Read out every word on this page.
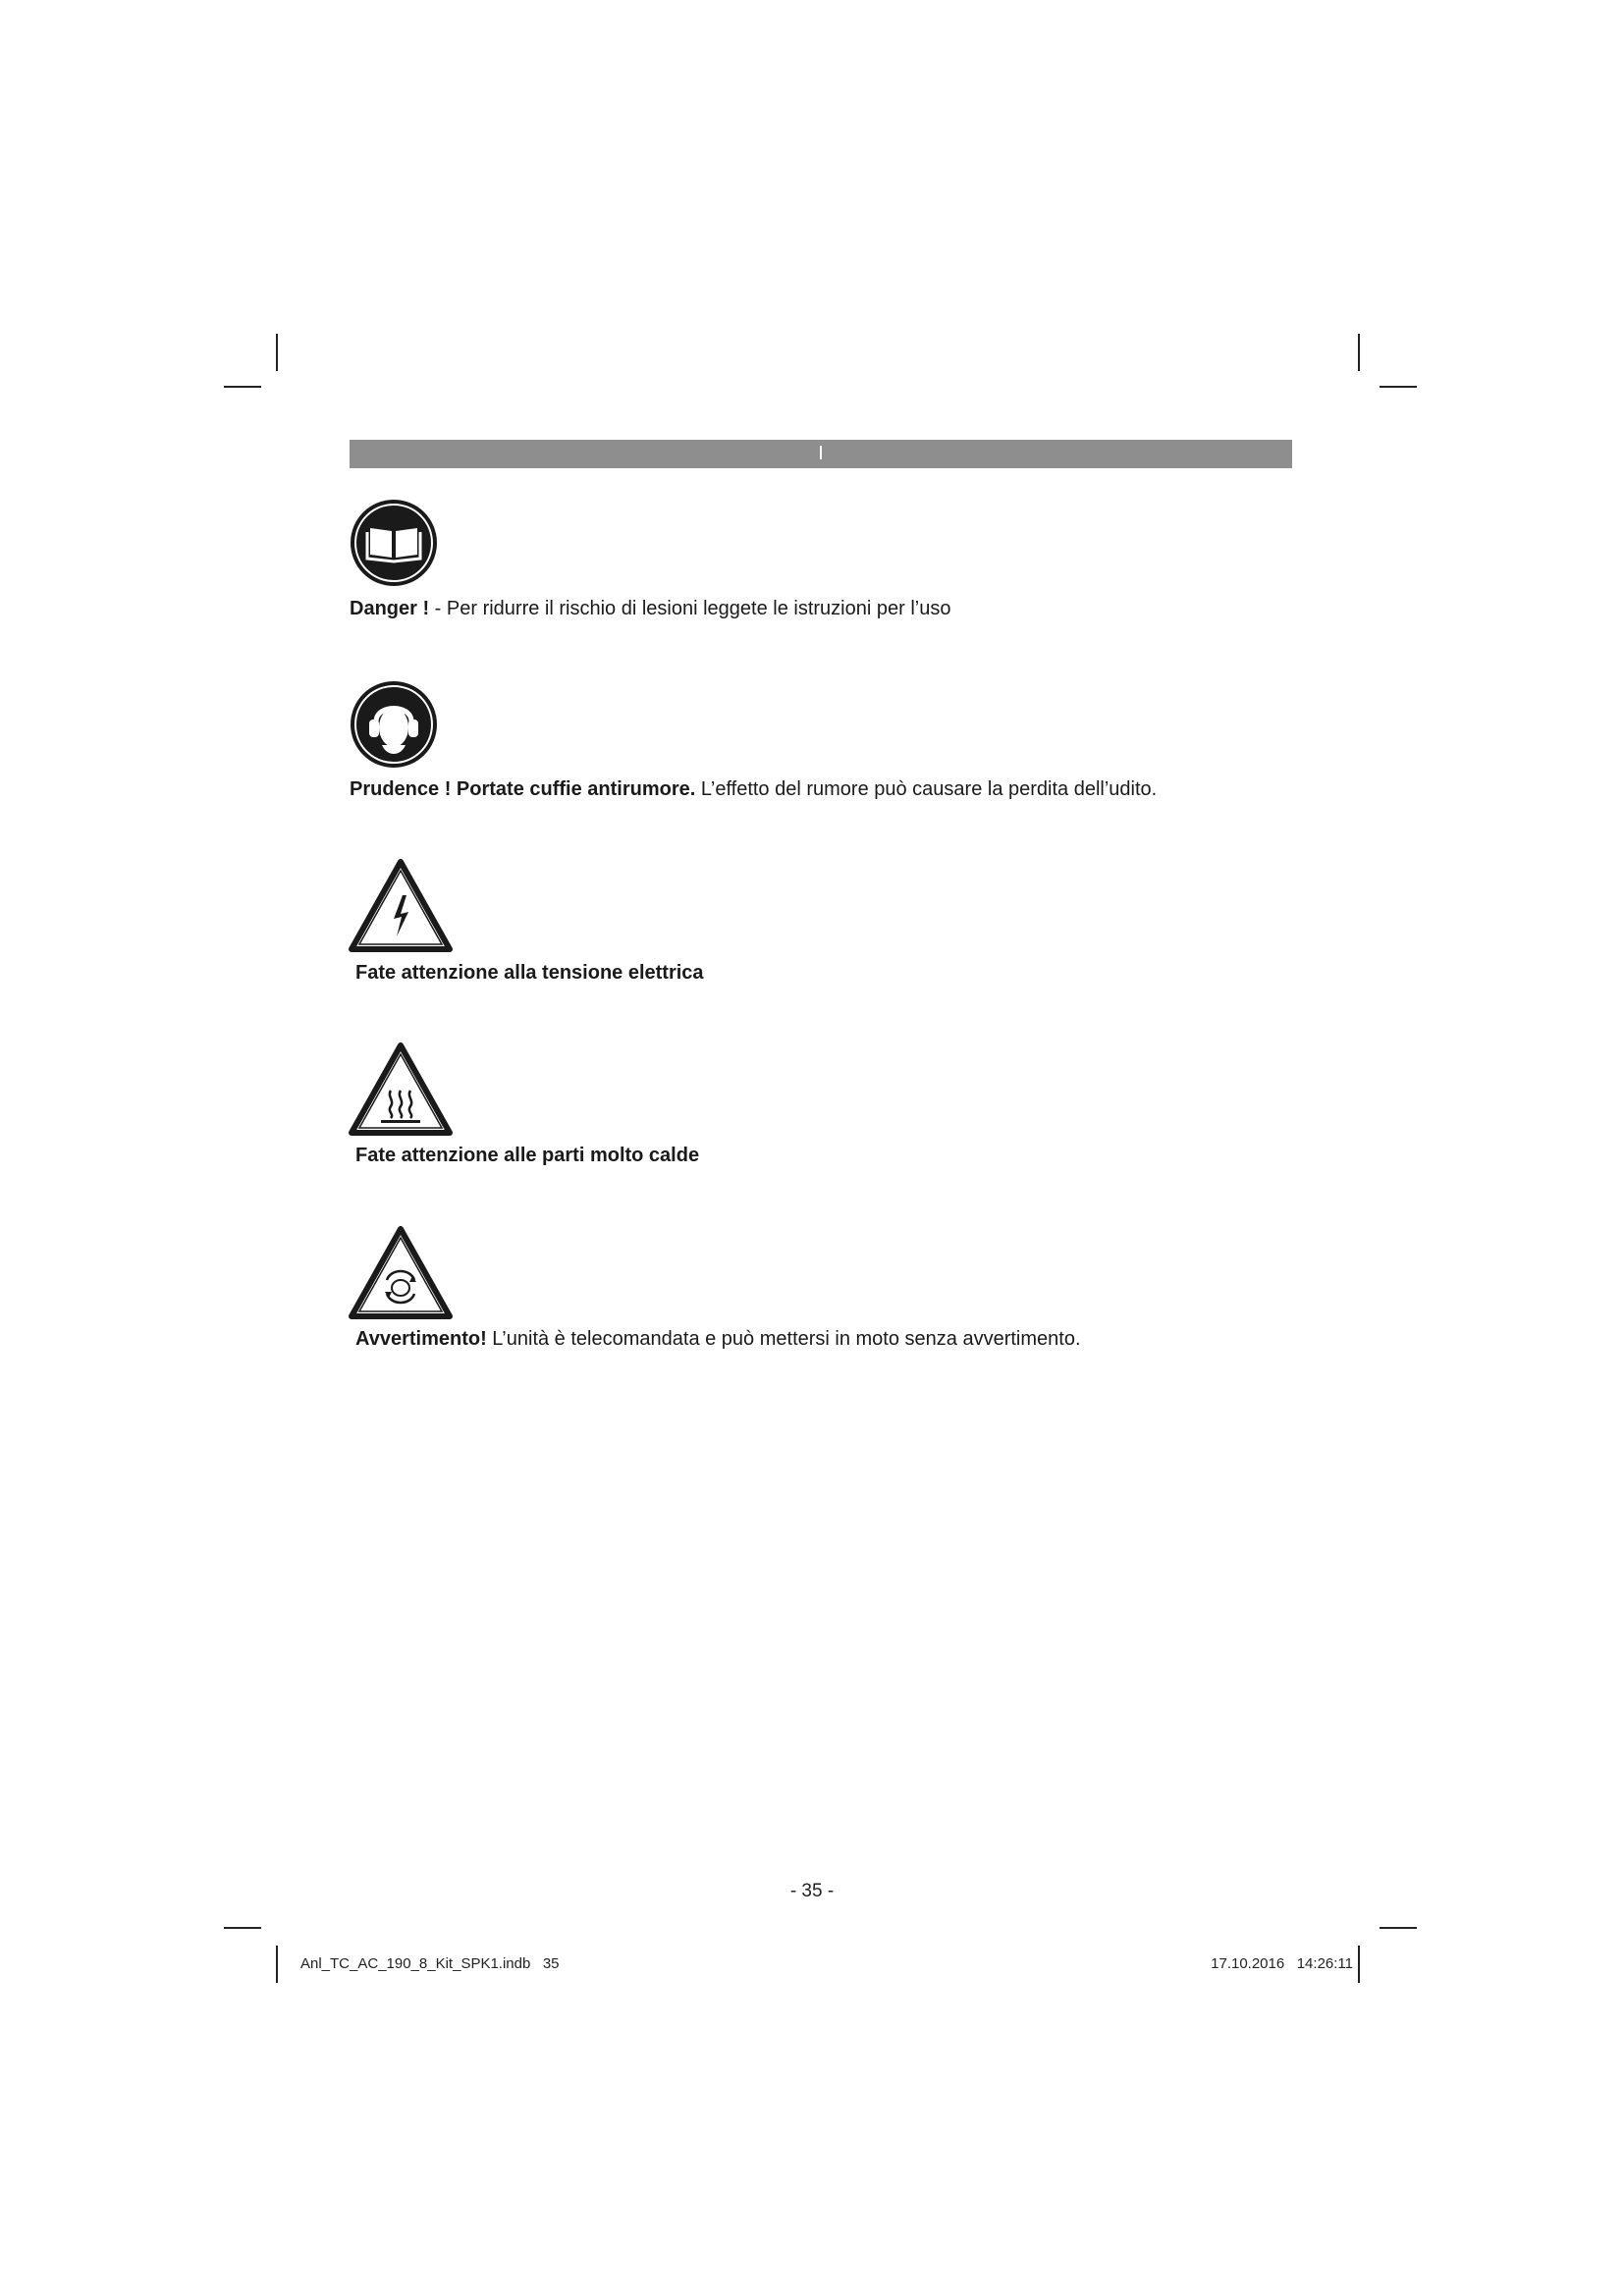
I
Danger ! - Per ridurre il rischio di lesioni leggete le istruzioni per l’uso
Prudence ! Portate cuffie antirumore. L’effetto del rumore può causare la perdita dell’udito.
Fate attenzione alla tensione elettrica
Fate attenzione alle parti molto calde
Avvertimento! L’unità è telecomandata e può mettersi in moto senza avvertimento.
- 35 -
Anl_TC_AC_190_8_Kit_SPK1.indb   35	17.10.2016   14:26:11
